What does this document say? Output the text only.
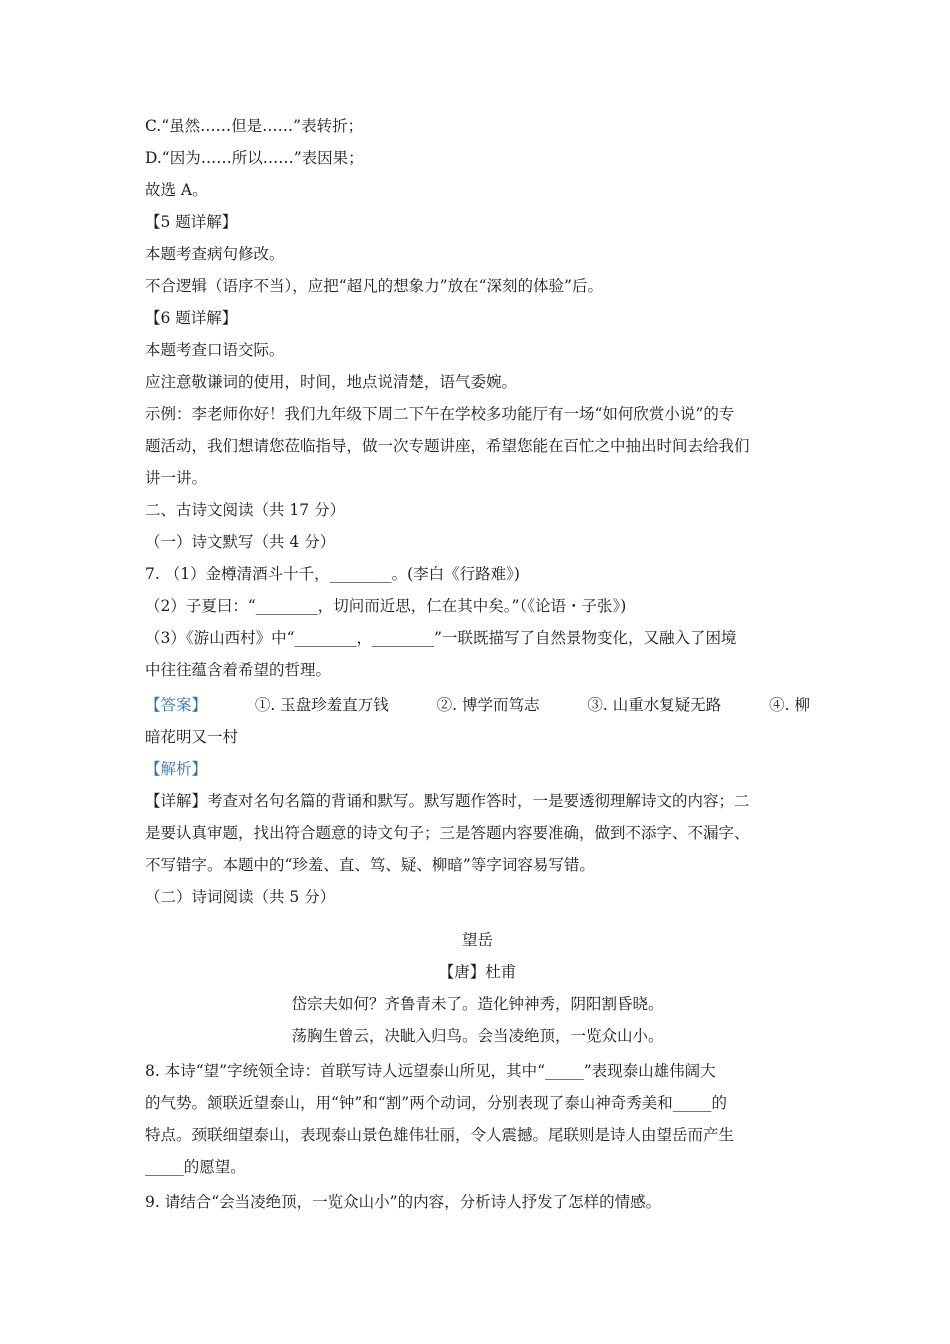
C.“虽然……但是……”表转折；
D.“因为……所以……”表因果；
故选 A。
【5 题详解】
本题考查病句修改。
不合逻辑（语序不当），应把“超凡的想象力”放在“深刻的体验”后。
【6 题详解】
本题考查口语交际。
应注意敬谦词的使用，时间，地点说清楚，语气委婉。
示例：李老师你好！我们九年级下周二下午在学校多功能厅有一场“如何欣赏小说”的专
题活动，我们想请您莅临指导，做一次专题讲座，希望您能在百忙之中抽出时间去给我们
讲一讲。
二、古诗文阅读（共 17 分）
（一）诗文默写（共 4 分）
7. （1）金樽清酒斗十千，________。(李白《行路难》)
（2）子夏曰：“________，切问而近思，仁在其中矣。”（《论语・子张》)
（3）《游山西村》中“________，________”一联既描写了自然景物变化，又融入了困境
中往往蕴含着希望的哲理。
【答案】	①. 玉盘珍羞直万钱	②. 博学而笃志	③. 山重水复疑无路	④. 柳
暗花明又一村
【解析】
【详解】考查对名句名篇的背诵和默写。默写题作答时，一是要透彻理解诗文的内容；二
是要认真审题，找出符合题意的诗文句子；三是答题内容要准确，做到不添字、不漏字、
不写错字。本题中的“珍羞、直、笃、疑、柳暗”等字词容易写错。
（二）诗词阅读（共 5 分）
望岳
【唐】杜甫
岱宗夫如何？齐鲁青未了。造化钟神秀，阴阳割昏晓。
荡胸生曾云，决眦入归鸟。会当凌绝顶，一览众山小。
8. 本诗“望”字统领全诗：首联写诗人远望泰山所见，其中“_____”表现泰山雄伟阔大
的气势。颔联近望泰山，用“钟”和“割”两个动词，分别表现了泰山神奇秀美和_____的
特点。颈联细望泰山，表现泰山景色雄伟壮丽，令人震撼。尾联则是诗人由望岳而产生
_____的愿望。
9. 请结合“会当凌绝顶，一览众山小”的内容，分析诗人抒发了怎样的情感。
